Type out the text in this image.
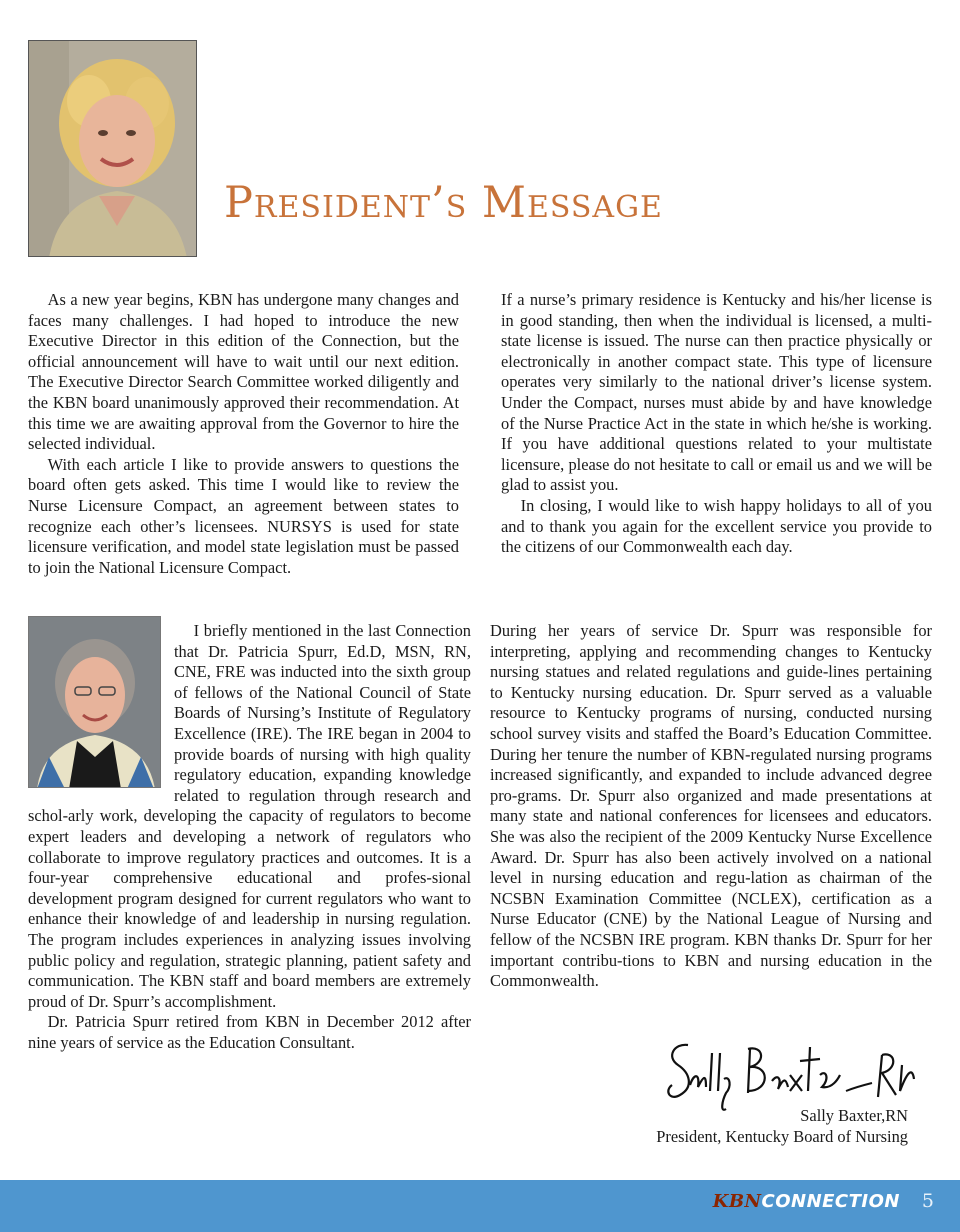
President’s Message

As a new year begins, KBN has undergone many changes and faces many challenges. I had hoped to introduce the new Executive Director in this edition of the Connection, but the official announcement will have to wait until our next edition. The Executive Director Search Committee worked diligently and the KBN board unanimously approved their recommendation. At this time we are awaiting approval from the Governor to hire the selected individual.

With each article I like to provide answers to questions the board often gets asked. This time I would like to review the Nurse Licensure Compact, an agreement between states to recognize each other’s licensees. NURSYS is used for state licensure verification, and model state legislation must be passed to join the National Licensure Compact.

If a nurse’s primary residence is Kentucky and his/her license is in good standing, then when the individual is licensed, a multi-state license is issued. The nurse can then practice physically or electronically in another compact state. This type of licensure operates very similarly to the national driver’s license system. Under the Compact, nurses must abide by and have knowledge of the Nurse Practice Act in the state in which he/she is working. If you have additional questions related to your multistate licensure, please do not hesitate to call or email us and we will be glad to assist you.

In closing, I would like to wish happy holidays to all of you and to thank you again for the excellent service you provide to the citizens of our Commonwealth each day.

I briefly mentioned in the last Connection that Dr. Patricia Spurr, Ed.D, MSN, RN, CNE, FRE was inducted into the sixth group of fellows of the National Council of State Boards of Nursing’s Institute of Regulatory Excellence (IRE). The IRE began in 2004 to provide boards of nursing with high quality regulatory education, expanding knowledge related to regulation through research and schol-arly work, developing the capacity of regulators to become expert leaders and developing a network of regulators who collaborate to improve regulatory practices and outcomes. It is a four-year comprehensive educational and profes-sional development program designed for current regulators who want to enhance their knowledge of and leadership in nursing regulation. The program includes experiences in analyzing issues involving public policy and regulation, strategic planning, patient safety and communication. The KBN staff and board members are extremely proud of Dr. Spurr’s accomplishment.

Dr. Patricia Spurr retired from KBN in December 2012 after nine years of service as the Education Consultant.

During her years of service Dr. Spurr was responsible for interpreting, applying and recommending changes to Kentucky nursing statues and related regulations and guide-lines pertaining to Kentucky nursing education. Dr. Spurr served as a valuable resource to Kentucky programs of nursing, conducted nursing school survey visits and staffed the Board’s Education Committee. During her tenure the number of KBN-regulated nursing programs increased significantly, and expanded to include advanced degree pro-grams. Dr. Spurr also organized and made presentations at many state and national conferences for licensees and educators. She was also the recipient of the 2009 Kentucky Nurse Excellence Award. Dr. Spurr has also been actively involved on a national level in nursing education and regu-lation as chairman of the NCSBN Examination Committee (NCLEX), certification as a Nurse Educator (CNE) by the National League of Nursing and fellow of the NCSBN IRE program. KBN thanks Dr. Spurr for her important contribu-tions to KBN and nursing education in the Commonwealth.

Sally Baxter,RN
President, Kentucky Board of Nursing
KBNCONNECTION 5
